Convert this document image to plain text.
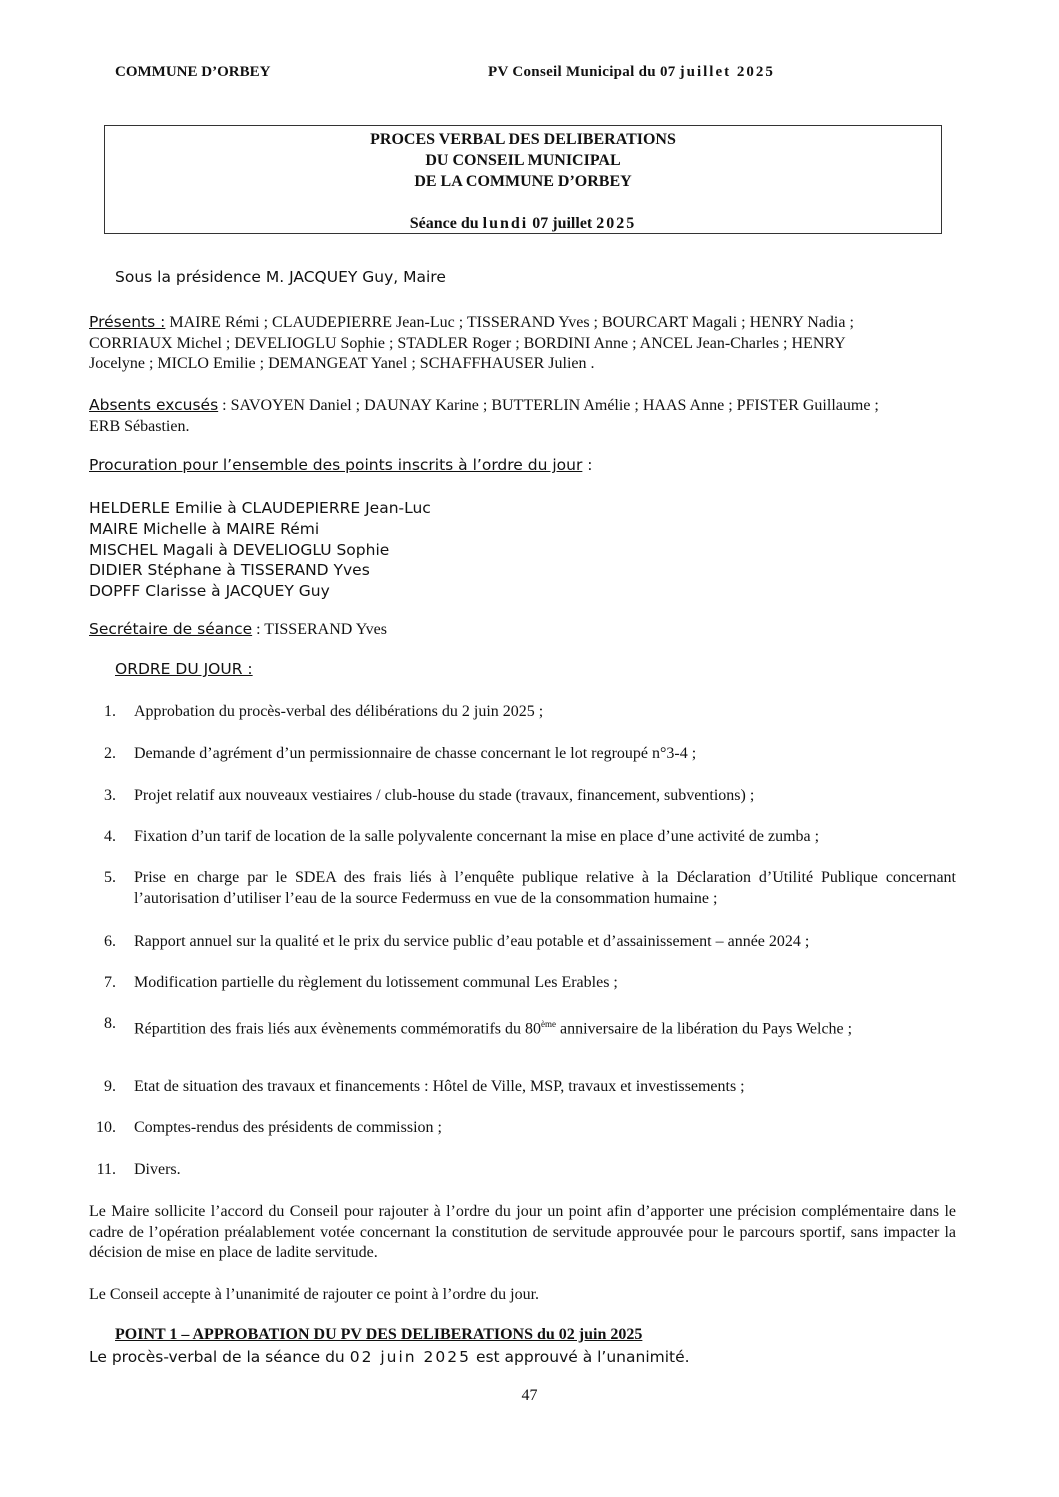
COMMUNE D’ORBEY	PV Conseil Municipal du 07 juillet 2025
PROCES VERBAL DES DELIBERATIONS
DU CONSEIL MUNICIPAL
DE LA COMMUNE D’ORBEY
Séance du lundi 07 juillet 2025
Sous la présidence M. JACQUEY Guy, Maire
Présents : MAIRE Rémi ; CLAUDEPIERRE Jean-Luc ; TISSERAND Yves ; BOURCART Magali ; HENRY Nadia ;
CORRIAUX Michel ; DEVELIOGLU Sophie ; STADLER Roger ; BORDINI Anne ; ANCEL Jean-Charles ; HENRY
Jocelyne ; MICLO Emilie ; DEMANGEAT Yanel ; SCHAFFHAUSER Julien .
Absents excusés : SAVOYEN Daniel ; DAUNAY Karine ; BUTTERLIN Amélie ; HAAS Anne ; PFISTER Guillaume ;
ERB Sébastien.
Procuration pour l’ensemble des points inscrits à l’ordre du jour :
HELDERLE Emilie à CLAUDEPIERRE Jean-Luc
MAIRE Michelle à MAIRE Rémi
MISCHEL Magali à DEVELIOGLU Sophie
DIDIER Stéphane à TISSERAND Yves
DOPFF Clarisse à JACQUEY Guy
Secrétaire de séance : TISSERAND Yves
ORDRE DU JOUR :
1. Approbation du procès-verbal des délibérations du 2 juin 2025 ;
2. Demande d’agrément d’un permissionnaire de chasse concernant le lot regroupé n°3-4 ;
3. Projet relatif aux nouveaux vestiaires / club-house du stade (travaux, financement, subventions) ;
4. Fixation d’un tarif de location de la salle polyvalente concernant la mise en place d’une activité de zumba ;
5. Prise en charge par le SDEA des frais liés à l’enquête publique relative à la Déclaration d’Utilité Publique concernant l’autorisation d’utiliser l’eau de la source Federmuss en vue de la consommation humaine ;
6. Rapport annuel sur la qualité et le prix du service public d’eau potable et d’assainissement – année 2024 ;
7. Modification partielle du règlement du lotissement communal Les Erables ;
8. Répartition des frais liés aux évènements commémoratifs du 80ème anniversaire de la libération du Pays Welche ;
9. Etat de situation des travaux et financements : Hôtel de Ville, MSP, travaux et investissements ;
10. Comptes-rendus des présidents de commission ;
11. Divers.
Le Maire sollicite l’accord du Conseil pour rajouter à l’ordre du jour un point afin d’apporter une précision complémentaire dans le cadre de l’opération préalablement votée concernant la constitution de servitude approuvée pour le parcours sportif, sans impacter la décision de mise en place de ladite servitude.
Le Conseil accepte à l’unanimité de rajouter ce point à l’ordre du jour.
POINT 1 – APPROBATION DU PV DES DELIBERATIONS du 02 juin 2025
Le procès-verbal de la séance du 02 juin 2025 est approuvé à l’unanimité.
47
